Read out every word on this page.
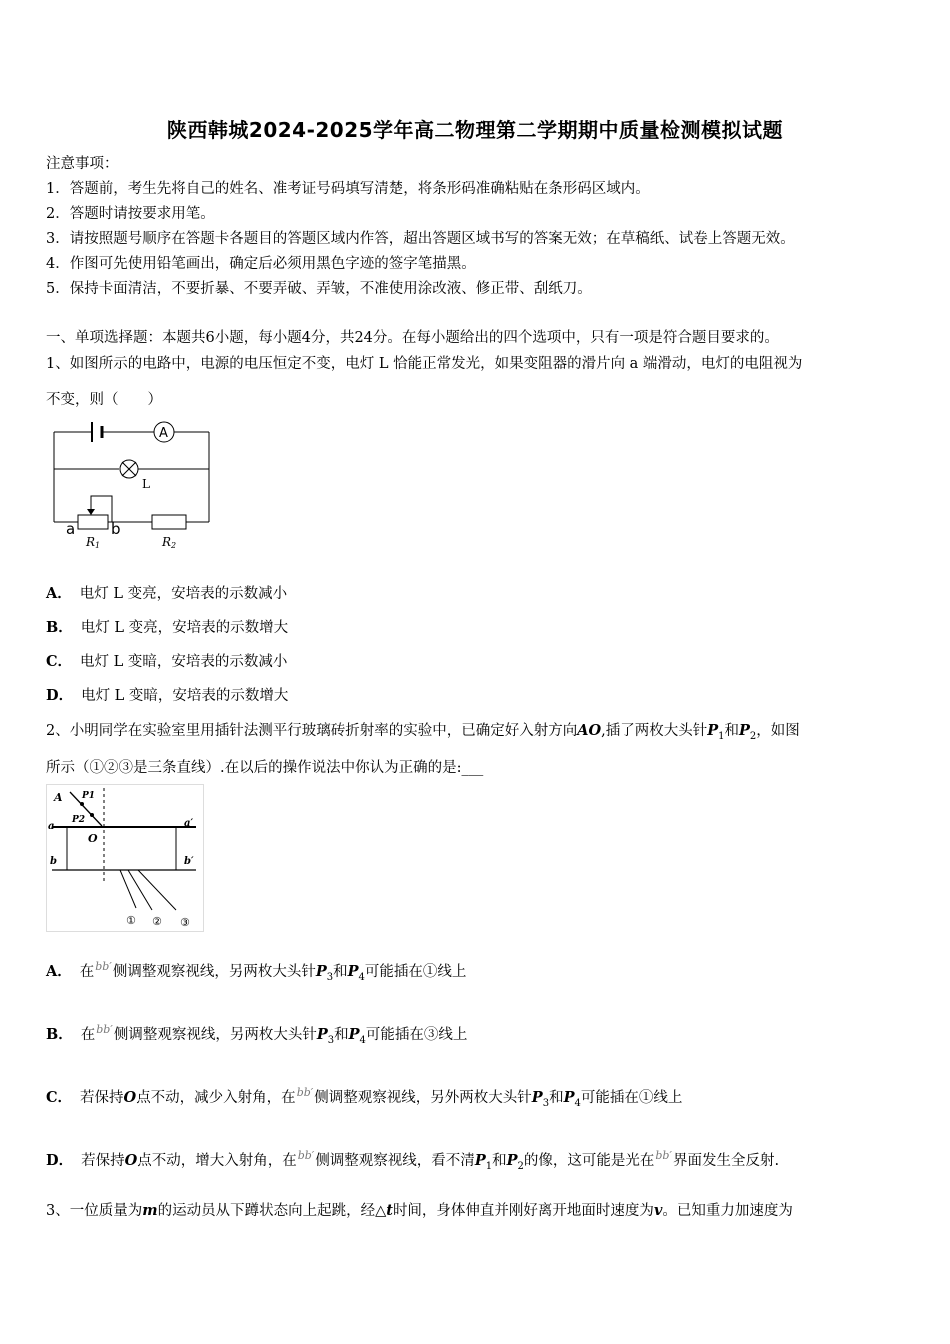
陕西韩城2024-2025学年高二物理第二学期期中质量检测模拟试题
注意事项：
1．答题前，考生先将自己的姓名、准考证号码填写清楚，将条形码准确粘贴在条形码区域内。
2．答题时请按要求用笔。
3．请按照题号顺序在答题卡各题目的答题区域内作答，超出答题区域书写的答案无效；在草稿纸、试卷上答题无效。
4．作图可先使用铅笔画出，确定后必须用黑色字迹的签字笔描黑。
5．保持卡面清洁，不要折暴、不要弄破、弄皱，不准使用涂改液、修正带、刮纸刀。
一、单项选择题：本题共6小题，每小题4分，共24分。在每小题给出的四个选项中，只有一项是符合题目要求的。
1、如图所示的电路中，电源的电压恒定不变，电灯 L 恰能正常发光，如果变阻器的滑片向 a 端滑动，电灯的电阻视为
不变，则（　　）
A
L
a b
R1	R2
A． 电灯 L 变亮，安培表的示数减小
B． 电灯 L 变亮，安培表的示数增大
C． 电灯 L 变暗，安培表的示数减小
D． 电灯 L 变暗，安培表的示数增大
2、小明同学在实验室里用插针法测平行玻璃砖折射率的实验中，已确定好入射方向AO,插了两枚大头针$P_1$和$P_2$，如图
所示（①②③是三条直线）.在以后的操作说法中你认为正确的是:___
A P1
P2
O
a	a′
b	b′
① ② ③
A． 在$^{bb'}$侧调整观察视线，另两枚大头针$P_3$和$P_4$可能插在①线上
B． 在$^{bb'}$侧调整观察视线，另两枚大头针$P_3$和$P_4$可能插在③线上
C． 若保持O点不动，减少入射角，在$^{bb'}$侧调整观察视线，另外两枚大头针$P_3$和$P_4$可能插在①线上
D． 若保持O点不动，增大入射角，在$^{bb'}$侧调整观察视线，看不清$P_1$和$P_2$的像，这可能是光在$^{bb'}$界面发生全反射.
3、一位质量为m的运动员从下蹲状态向上起跳，经△t时间，身体伸直并刚好离开地面时速度为v。已知重力加速度为
